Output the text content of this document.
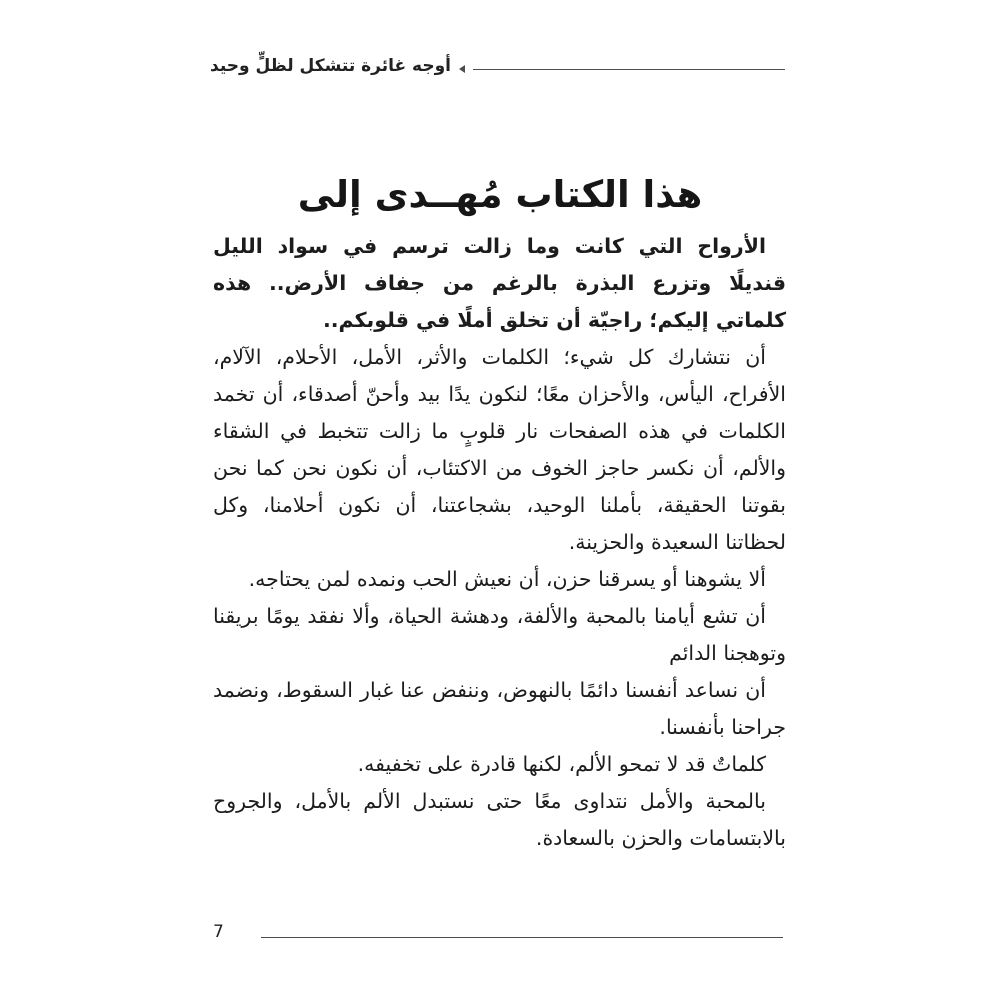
أوجه غائرة تتشكل لظلٍّ وحيد
هذا الكتاب مُهــدى إلى

الأرواح التي كانت وما زالت ترسم في سواد الليل قنديلًا وتزرع البذرة بالرغم من جفاف الأرض.. هذه كلماتي إليكم؛ راجيّة أن تخلق أملًا في قلوبكم..

أن نتشارك كل شيء؛ الكلمات والأثر، الأمل، الأحلام، الآلام، الأفراح، اليأس، والأحزان معًا؛ لنكون يدًا بيد وأحنّ أصدقاء، أن تخمد الكلمات في هذه الصفحات نار قلوبٍ ما زالت تتخبط في الشقاء والألم، أن نكسر حاجز الخوف من الاكتئاب، أن نكون نحن كما نحن بقوتنا الحقيقة، بأملنا الوحيد، بشجاعتنا، أن نكون أحلامنا، وكل لحظاتنا السعيدة والحزينة.

ألا يشوهنا أو يسرقنا حزن، أن نعيش الحب ونمده لمن يحتاجه.

أن تشع أيامنا بالمحبة والألفة، ودهشة الحياة، وألا نفقد يومًا بريقنا وتوهجنا الدائم

أن نساعد أنفسنا دائمًا بالنهوض، وننفض عنا غبار السقوط، ونضمد جراحنا بأنفسنا.

كلماتٌ قد لا تمحو الألم، لكنها قادرة على تخفيفه.

بالمحبة والأمل نتداوى معًا حتى نستبدل الألم بالأمل، والجروح بالابتسامات والحزن بالسعادة.

7
